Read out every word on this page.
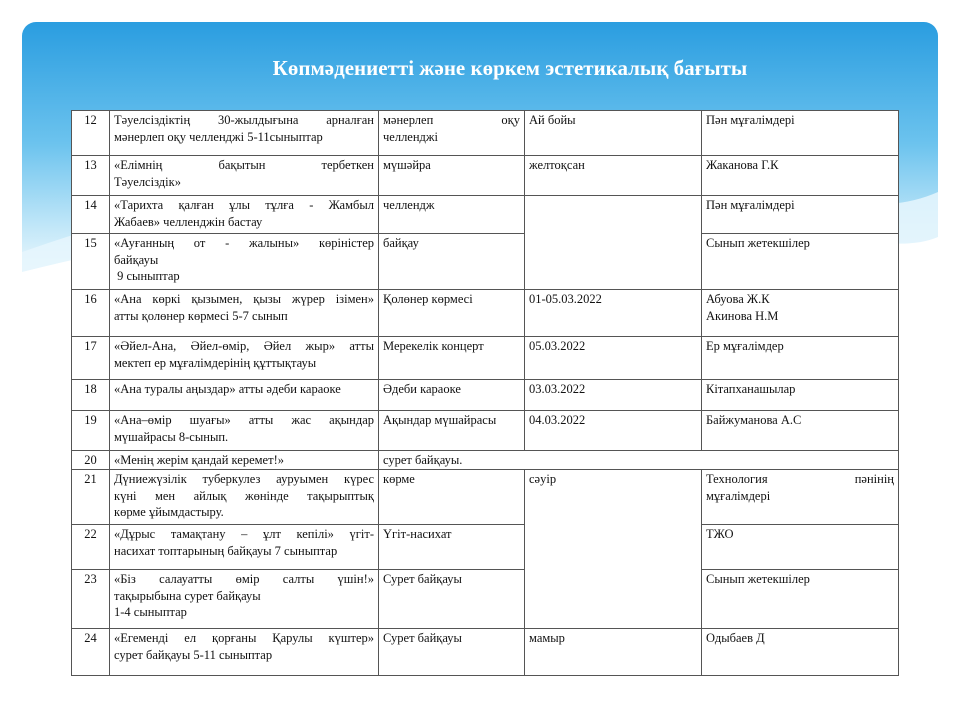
Көпмәдениетті және көркем эстетикалық бағыты
12	Тәуелсіздіктің 30-жылдығына арналған
мәнерлеп оқу челленджі 5-11сыныптар	мәнерлеп оқу
челленджі	Ай бойы	Пән мұғалімдері
13	«Елімнің бақытын тербеткен
Тәуелсіздік»	мүшәйра	желтоқсан	Жаканова Г.К
14	«Тарихта қалған ұлы тұлға - Жамбыл
Жабаев» челленджін бастау	челлендж		Пән мұғалімдері
15	«Ауғанның от - жалыны» көріністер
байқауы
9 сыныптар	байқау		Сынып жетекшілер
16	«Ана көркі қызымен, қызы жүрер ізімен»
атты қолөнер көрмесі 5-7 сынып	Қолөнер көрмесі	01-05.03.2022	Абуова Ж.К
Акинова Н.М

17	«Әйел-Ана, Әйел-өмір, Әйел жыр» атты
мектеп ер мұғалімдерінің құттықтауы	Мерекелік концерт	05.03.2022	Ер мұғалімдер
18	«Ана туралы аңыздар» атты әдеби караоке	Әдеби караоке	03.03.2022	Кітапханашылар
19	«Ана–өмір шуағы» атты жас ақындар
мүшайрасы 8-сынып.	Ақындар мүшайрасы	04.03.2022	Байжуманова А.С
20	«Менің жерім қандай керемет!»	сурет байқауы.		
21	Дүниежүзілік туберкулез ауруымен күрес
күні мен айлық жөнінде тақырыптық
көрме ұйымдастыру.	көрме	сәуір	Технология пәнінің
мұғалімдері

22	«Дұрыс тамақтану – ұлт кепілі» үгіт-
насихат топтарының байқауы 7 сыныптар	Үгіт-насихат		ТЖО
23	«Біз салауатты өмір салты үшін!»
тақырыбына сурет байқауы
1-4 сыныптар	Сурет байқауы		Сынып жетекшілер
24	«Егеменді ел қорғаны Қарулы күштер»
сурет байқауы 5-11 сыныптар	Сурет байқауы	мамыр	Одыбаев Д
